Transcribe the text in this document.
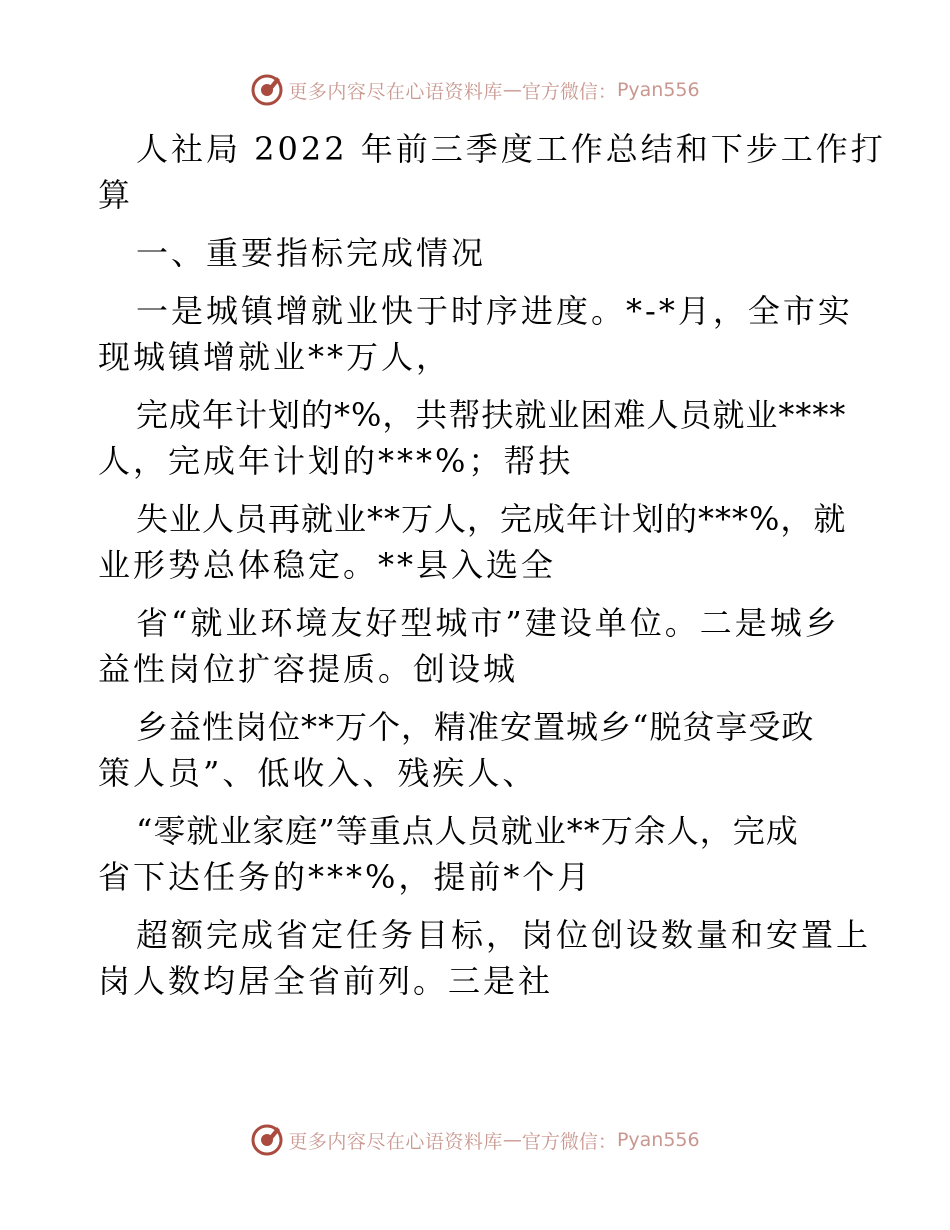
更多内容尽在心语资料库 — 官方微信： Pyan556
人社局 2022 年前三季度工作总结和下步工作打
算
一、重要指标完成情况
一是城镇增就业快于时序进度。*-*月，全市实
现城镇增就业**万人，
完成年计划的*%，共帮扶就业困难人员就业****
人，完成年计划的***%；帮扶
失业人员再就业**万人，完成年计划的***%，就
业形势总体稳定。**县入选全
省“就业环境友好型城市”建设单位。二是城乡
益性岗位扩容提质。创设城
乡益性岗位**万个，精准安置城乡“脱贫享受政
策人员”、低收入、残疾人、
“零就业家庭”等重点人员就业**万余人，完成
省下达任务的***%，提前*个月
超额完成省定任务目标，岗位创设数量和安置上
岗人数均居全省前列。三是社
更多内容尽在心语资料库 — 官方微信： Pyan556
